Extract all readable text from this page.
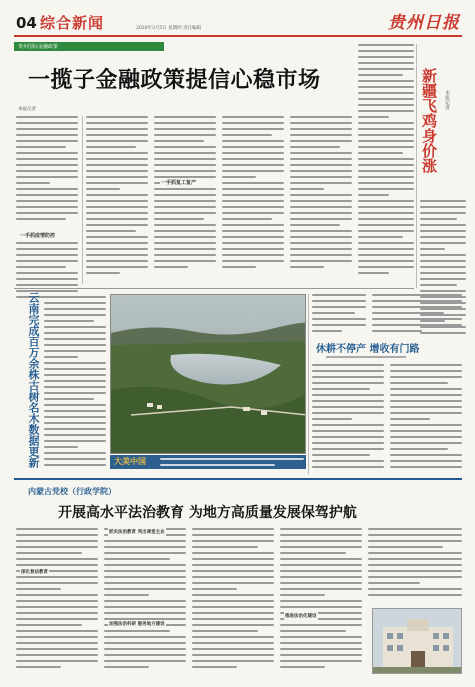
04 综合新闻	2020年3月5日 星期四 责任编辑	贵州日报
贵州国际金融政策
一揽子金融政策提信心稳市场
本报记者
一手抓疫情防控
一手抓复工复产
新疆飞鸡身价涨 本报记者
云南完成百万余株古树名木数据更新	大美中国
休耕不停产 增收有门路
内蒙古党校（行政学院）
开展高水平法治教育 为地方高质量发展保驾护航
深化普法教育
抓实法治教育 突出课堂主业
加强法治科研 服务地方建设
推进法治化建设
